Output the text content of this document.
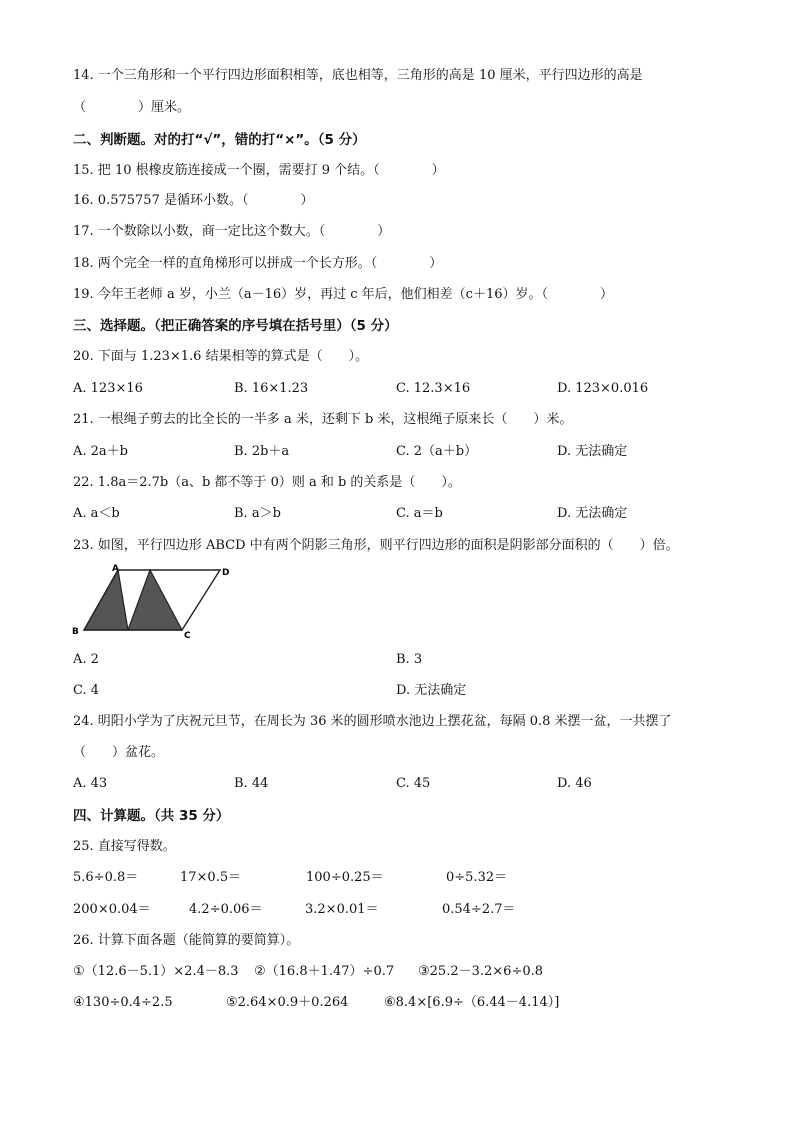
14. 一个三角形和一个平行四边形面积相等，底也相等，三角形的高是 10 厘米，平行四边形的高是
（　　　　）厘米。
二、判断题。对的打“√”，错的打“×”。（5 分）
15. 把 10 根橡皮筋连接成一个圈，需要打 9 个结。（　　　　）
16. 0.575757 是循环小数。（　　　　）
17. 一个数除以小数，商一定比这个数大。（　　　　）
18. 两个完全一样的直角梯形可以拼成一个长方形。（　　　　）
19. 今年王老师 a 岁，小兰（a－16）岁，再过 c 年后，他们相差（c＋16）岁。（　　　　）
三、选择题。（把正确答案的序号填在括号里）（5 分）
20. 下面与 1.23×1.6 结果相等的算式是（　　）。
A. 123×16	B. 16×1.23	C. 12.3×16	D. 123×0.016
21. 一根绳子剪去的比全长的一半多 a 米，还剩下 b 米，这根绳子原来长（　　）米。
A. 2a＋b	B. 2b＋a	C. 2（a＋b）	D. 无法确定
22. 1.8a＝2.7b（a、b 都不等于 0）则 a 和 b 的关系是（　　）。
A. a＜b	B. a＞b	C. a＝b	D. 无法确定
23. 如图，平行四边形 ABCD 中有两个阴影三角形，则平行四边形的面积是阴影部分面积的（　　）倍。
A
B	C
D
A. 2	B. 3
C. 4	D. 无法确定
24. 明阳小学为了庆祝元旦节，在周长为 36 米的圆形喷水池边上摆花盆，每隔 0.8 米摆一盆，一共摆了
（　　）盆花。
A. 43	B. 44	C. 45	D. 46
四、计算题。（共 35 分）
25. 直接写得数。
5.6÷0.8＝	17×0.5＝	100÷0.25＝	0÷5.32＝
200×0.04＝	4.2÷0.06＝	3.2×0.01＝	0.54÷2.7＝
26. 计算下面各题（能简算的要简算）。
①（12.6－5.1）×2.4－8.3 ②（16.8＋1.47）÷0.7 ③25.2－3.2×6÷0.8
④130÷0.4÷2.5	⑤2.64×0.9＋0.264	⑥8.4×[6.9÷（6.44－4.14）]
